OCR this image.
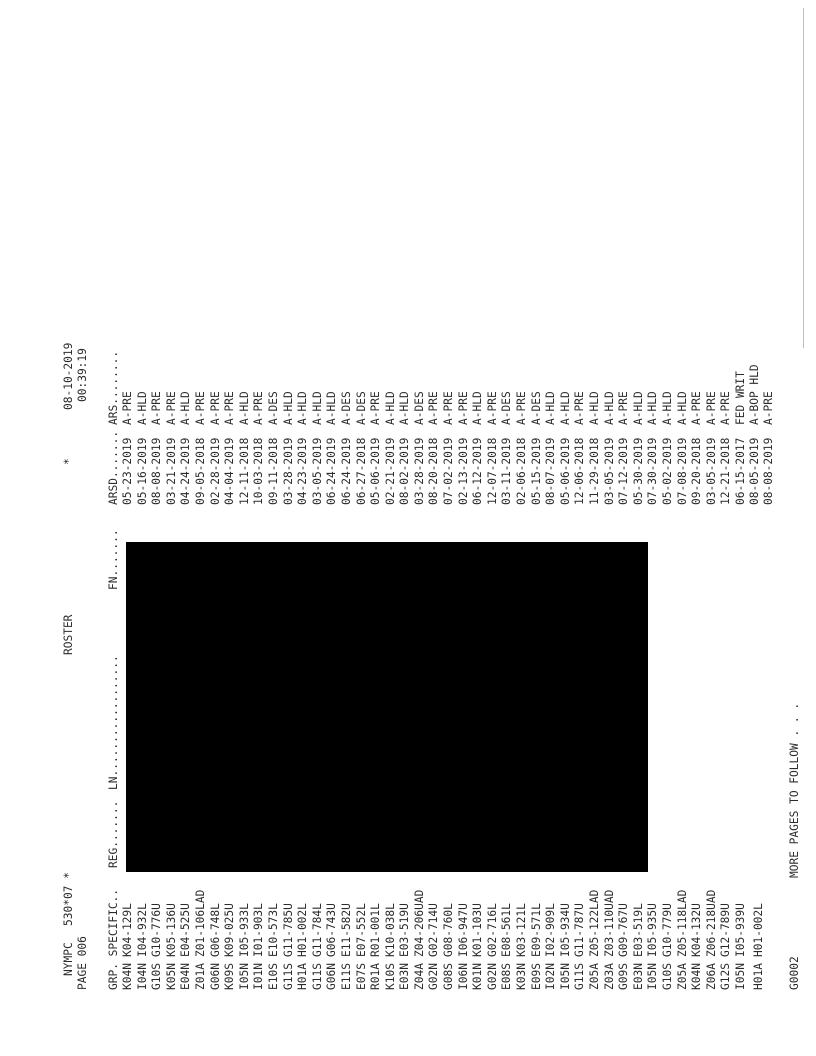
NYMPC
530*07 *
ROSTER
*
08-10-2019
PAGE 006
00:39:19
GRP. SPECIFIC..
REG.......
LN..................
FN.......
ARSD.......
ARS........
K04N
K04-129L
05-23-2019
A-PRE
I04N
I04-932L
05-16-2019
A-HLD
G10S
G10-776U
08-08-2019
A-PRE
K05N
K05-136U
03-21-2019
A-PRE
E04N
E04-525U
04-24-2019
A-HLD
Z01A
Z01-106LAD
09-05-2018
A-PRE
G06N
G06-748L
02-28-2019
A-PRE
K09S
K09-025U
04-04-2019
A-PRE
I05N
I05-933L
12-11-2018
A-HLD
I01N
I01-903L
10-03-2018
A-PRE
E10S
E10-573L
09-11-2018
A-DES
G11S
G11-785U
03-28-2019
A-HLD
H01A
H01-002L
04-23-2019
A-HLD
G11S
G11-784L
03-05-2019
A-HLD
G06N
G06-743U
06-24-2019
A-HLD
E11S
E11-582U
06-24-2019
A-DES
E07S
E07-552L
06-27-2018
A-DES
R01A
R01-001L
05-06-2019
A-PRE
K10S
K10-038L
02-21-2019
A-HLD
E03N
E03-519U
08-02-2019
A-HLD
Z04A
Z04-206UAD
03-28-2019
A-DES
G02N
G02-714U
08-20-2018
A-PRE
G08S
G08-760L
07-02-2019
A-PRE
I06N
I06-947U
02-13-2019
A-PRE
K01N
K01-103U
06-12-2019
A-HLD
G02N
G02-716L
12-07-2018
A-PRE
E08S
E08-561L
03-11-2019
A-DES
K03N
K03-121L
02-06-2018
A-PRE
E09S
E09-571L
05-15-2019
A-DES
I02N
I02-909L
08-07-2019
A-HLD
I05N
I05-934U
05-06-2019
A-HLD
G11S
G11-787U
12-06-2018
A-PRE
Z05A
Z05-122LAD
11-29-2018
A-HLD
Z03A
Z03-110UAD
03-05-2019
A-HLD
G09S
G09-767U
07-12-2019
A-PRE
E03N
E03-519L
05-30-2019
A-HLD
I05N
I05-935U
07-30-2019
A-HLD
G10S
G10-779U
05-02-2019
A-HLD
Z05A
Z05-118LAD
07-08-2019
A-HLD
K04N
K04-132U
09-20-2018
A-PRE
Z06A
Z06-218UAD
03-05-2019
A-PRE
G12S
G12-789U
12-21-2018
A-PRE
I05N
I05-939U
06-15-2017
FED WRIT
H01A
H01-002L
08-05-2019
A-BOP HLD
08-08-2019
A-PRE
G0002
MORE PAGES TO FOLLOW . . .
